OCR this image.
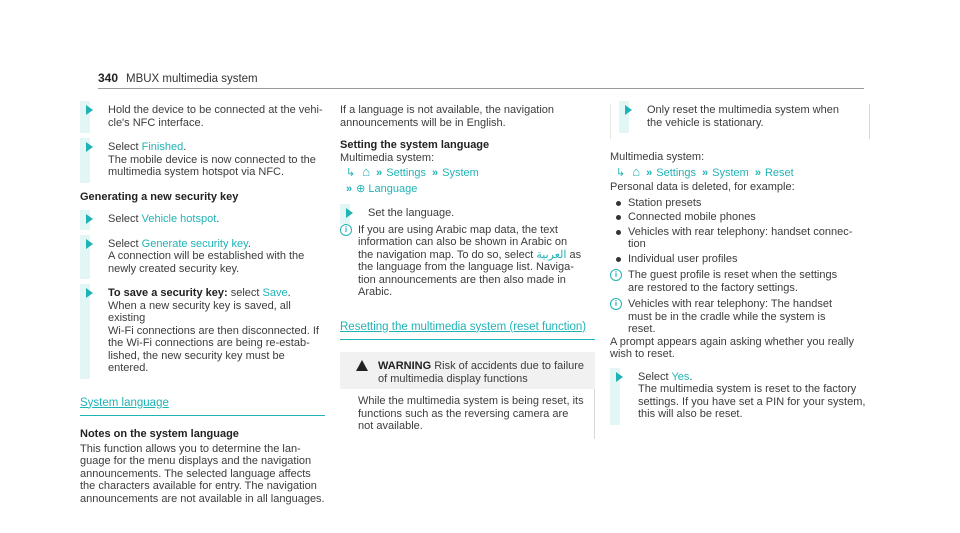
340 MBUX multimedia system

Hold the device to be connected at the vehi-

cle's NFC interface.

Select Finished.

The mobile device is now connected to the

multimedia system hotspot via NFC.

Generating a new security key

Select Vehicle hotspot.

Select Generate security key.

A connection will be established with the

newly created security key.

To save a security key: select Save.

When a new security key is saved, all existing

Wi-Fi connections are then disconnected. If

the Wi-Fi connections are being re-estab-

lished, the new security key must be entered.

System language
Notes on the system language

This function allows you to determine the lan-

guage for the menu displays and the navigation

announcements. The selected language affects

the characters available for entry. The navigation

announcements are not available in all languages.

If a language is not available, the navigation

announcements will be in English.

Setting the system language

Multimedia system:

↳ ⌂ » Settings » System

» ⊕ Language

Set the language.

i If you are using Arabic map data, the text

information can also be shown in Arabic on

the navigation map. To do so, select العربية as

the language from the language list. Naviga-

tion announcements are then also made in

Arabic.

Resetting the multimedia system (reset function)

WARNING Risk of accidents due to failure

of multimedia display functions

While the multimedia system is being reset, its

functions such as the reversing camera are

not available.

Only reset the multimedia system when

the vehicle is stationary.

Multimedia system:

↳ ⌂ » Settings » System » Reset

Personal data is deleted, for example:

Station presets
Connected mobile phones
Vehicles with rear telephony: handset connec-

tion

Individual user profiles
i The guest profile is reset when the settings

are restored to the factory settings.

i Vehicles with rear telephony: The handset

must be in the cradle while the system is

reset.

A prompt appears again asking whether you really

wish to reset.

Select Yes.

The multimedia system is reset to the factory

settings. If you have set a PIN for your system,

this will also be reset.
